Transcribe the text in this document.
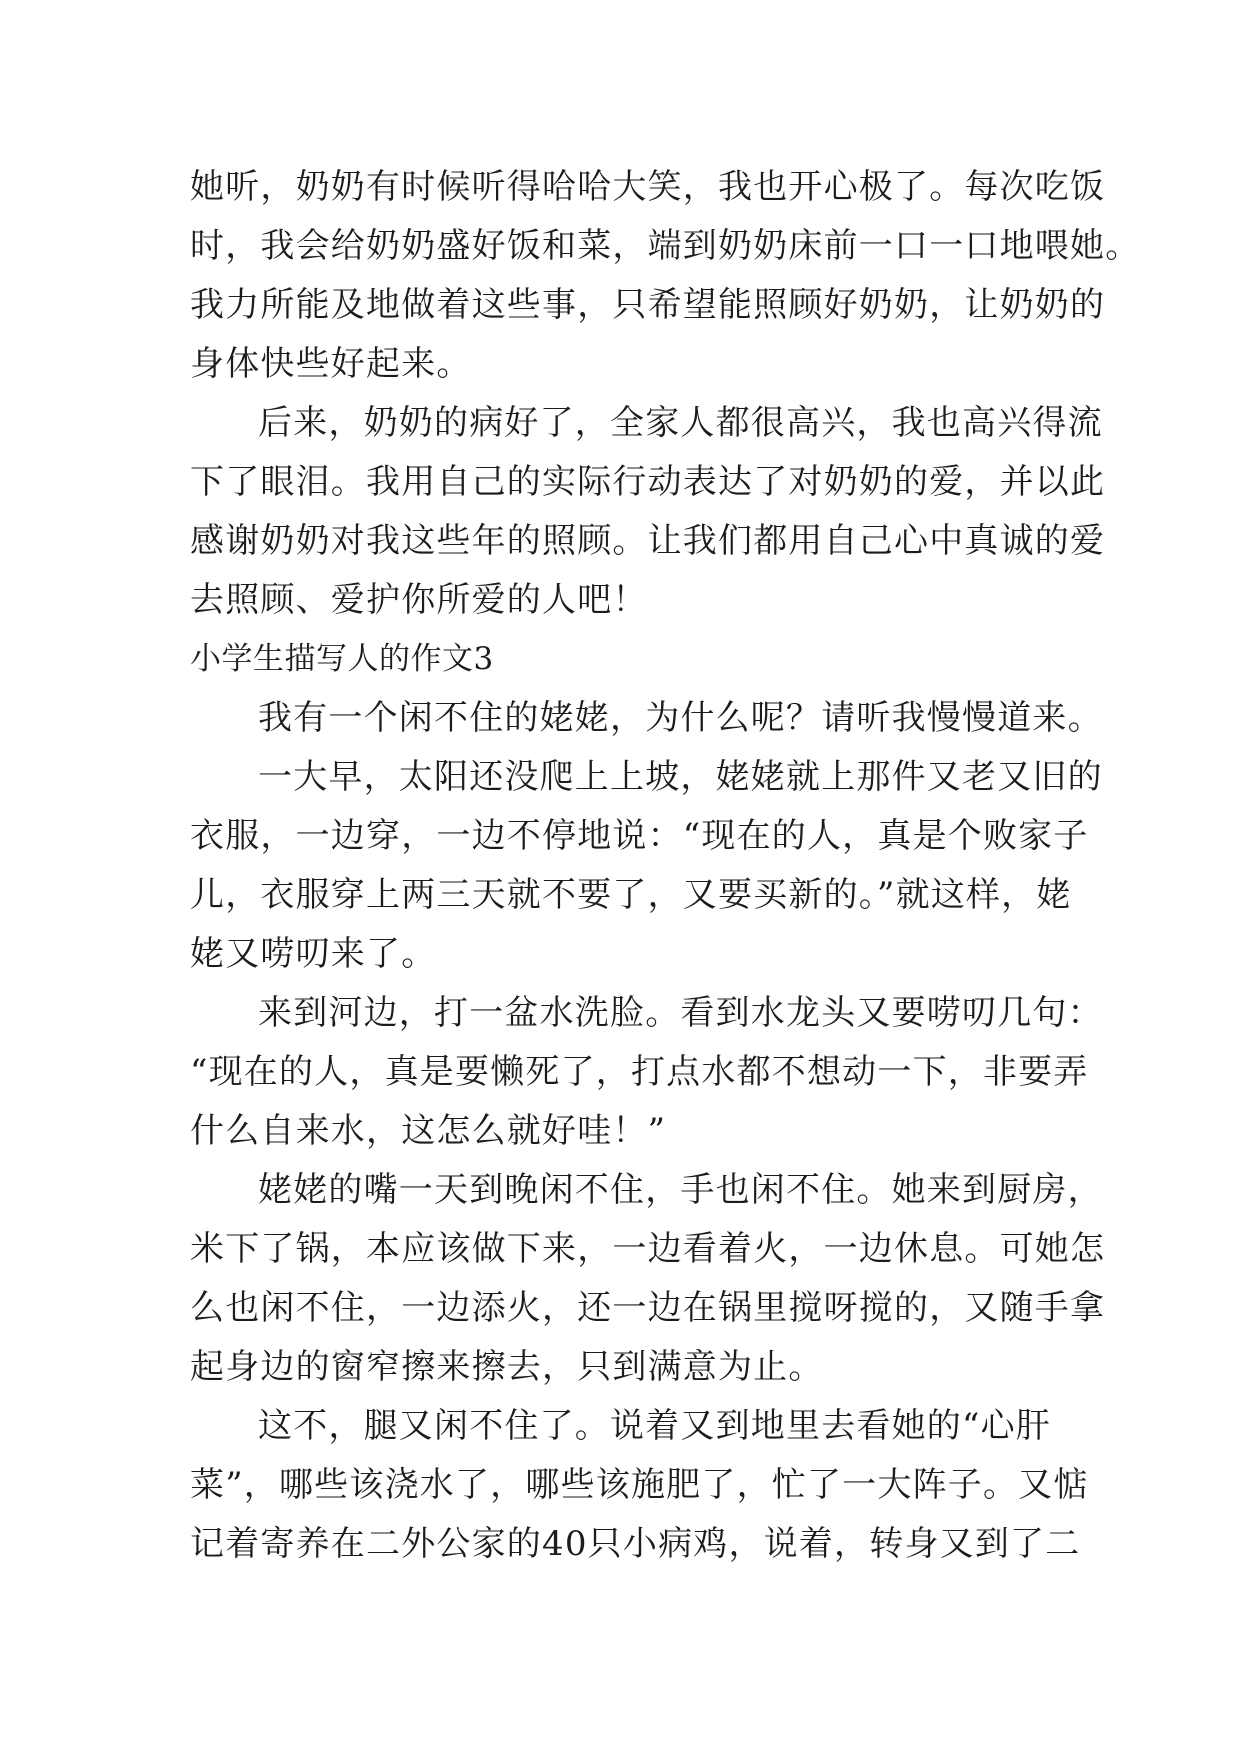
她听，奶奶有时候听得哈哈大笑，我也开心极了。每次吃饭
时，我会给奶奶盛好饭和菜，端到奶奶床前一口一口地喂她。
我力所能及地做着这些事，只希望能照顾好奶奶，让奶奶的
身体快些好起来。
后来，奶奶的病好了，全家人都很高兴，我也高兴得流
下了眼泪。我用自己的实际行动表达了对奶奶的爱，并以此
感谢奶奶对我这些年的照顾。让我们都用自己心中真诚的爱
去照顾、爱护你所爱的人吧！
小学生描写人的作文3
我有一个闲不住的姥姥，为什么呢？请听我慢慢道来。
一大早，太阳还没爬上上坡，姥姥就上那件又老又旧的
衣服，一边穿，一边不停地说：“现在的人，真是个败家子
儿，衣服穿上两三天就不要了，又要买新的。”就这样，姥
姥又唠叨来了。
来到河边，打一盆水洗脸。看到水龙头又要唠叨几句：
“现在的人，真是要懒死了，打点水都不想动一下，非要弄
什么自来水，这怎么就好哇！”
姥姥的嘴一天到晚闲不住，手也闲不住。她来到厨房，
米下了锅，本应该做下来，一边看着火，一边休息。可她怎
么也闲不住，一边添火，还一边在锅里搅呀搅的，又随手拿
起身边的窗窄擦来擦去，只到满意为止。
这不，腿又闲不住了。说着又到地里去看她的“心肝
菜”，哪些该浇水了，哪些该施肥了，忙了一大阵子。又惦
记着寄养在二外公家的40只小病鸡，说着，转身又到了二
